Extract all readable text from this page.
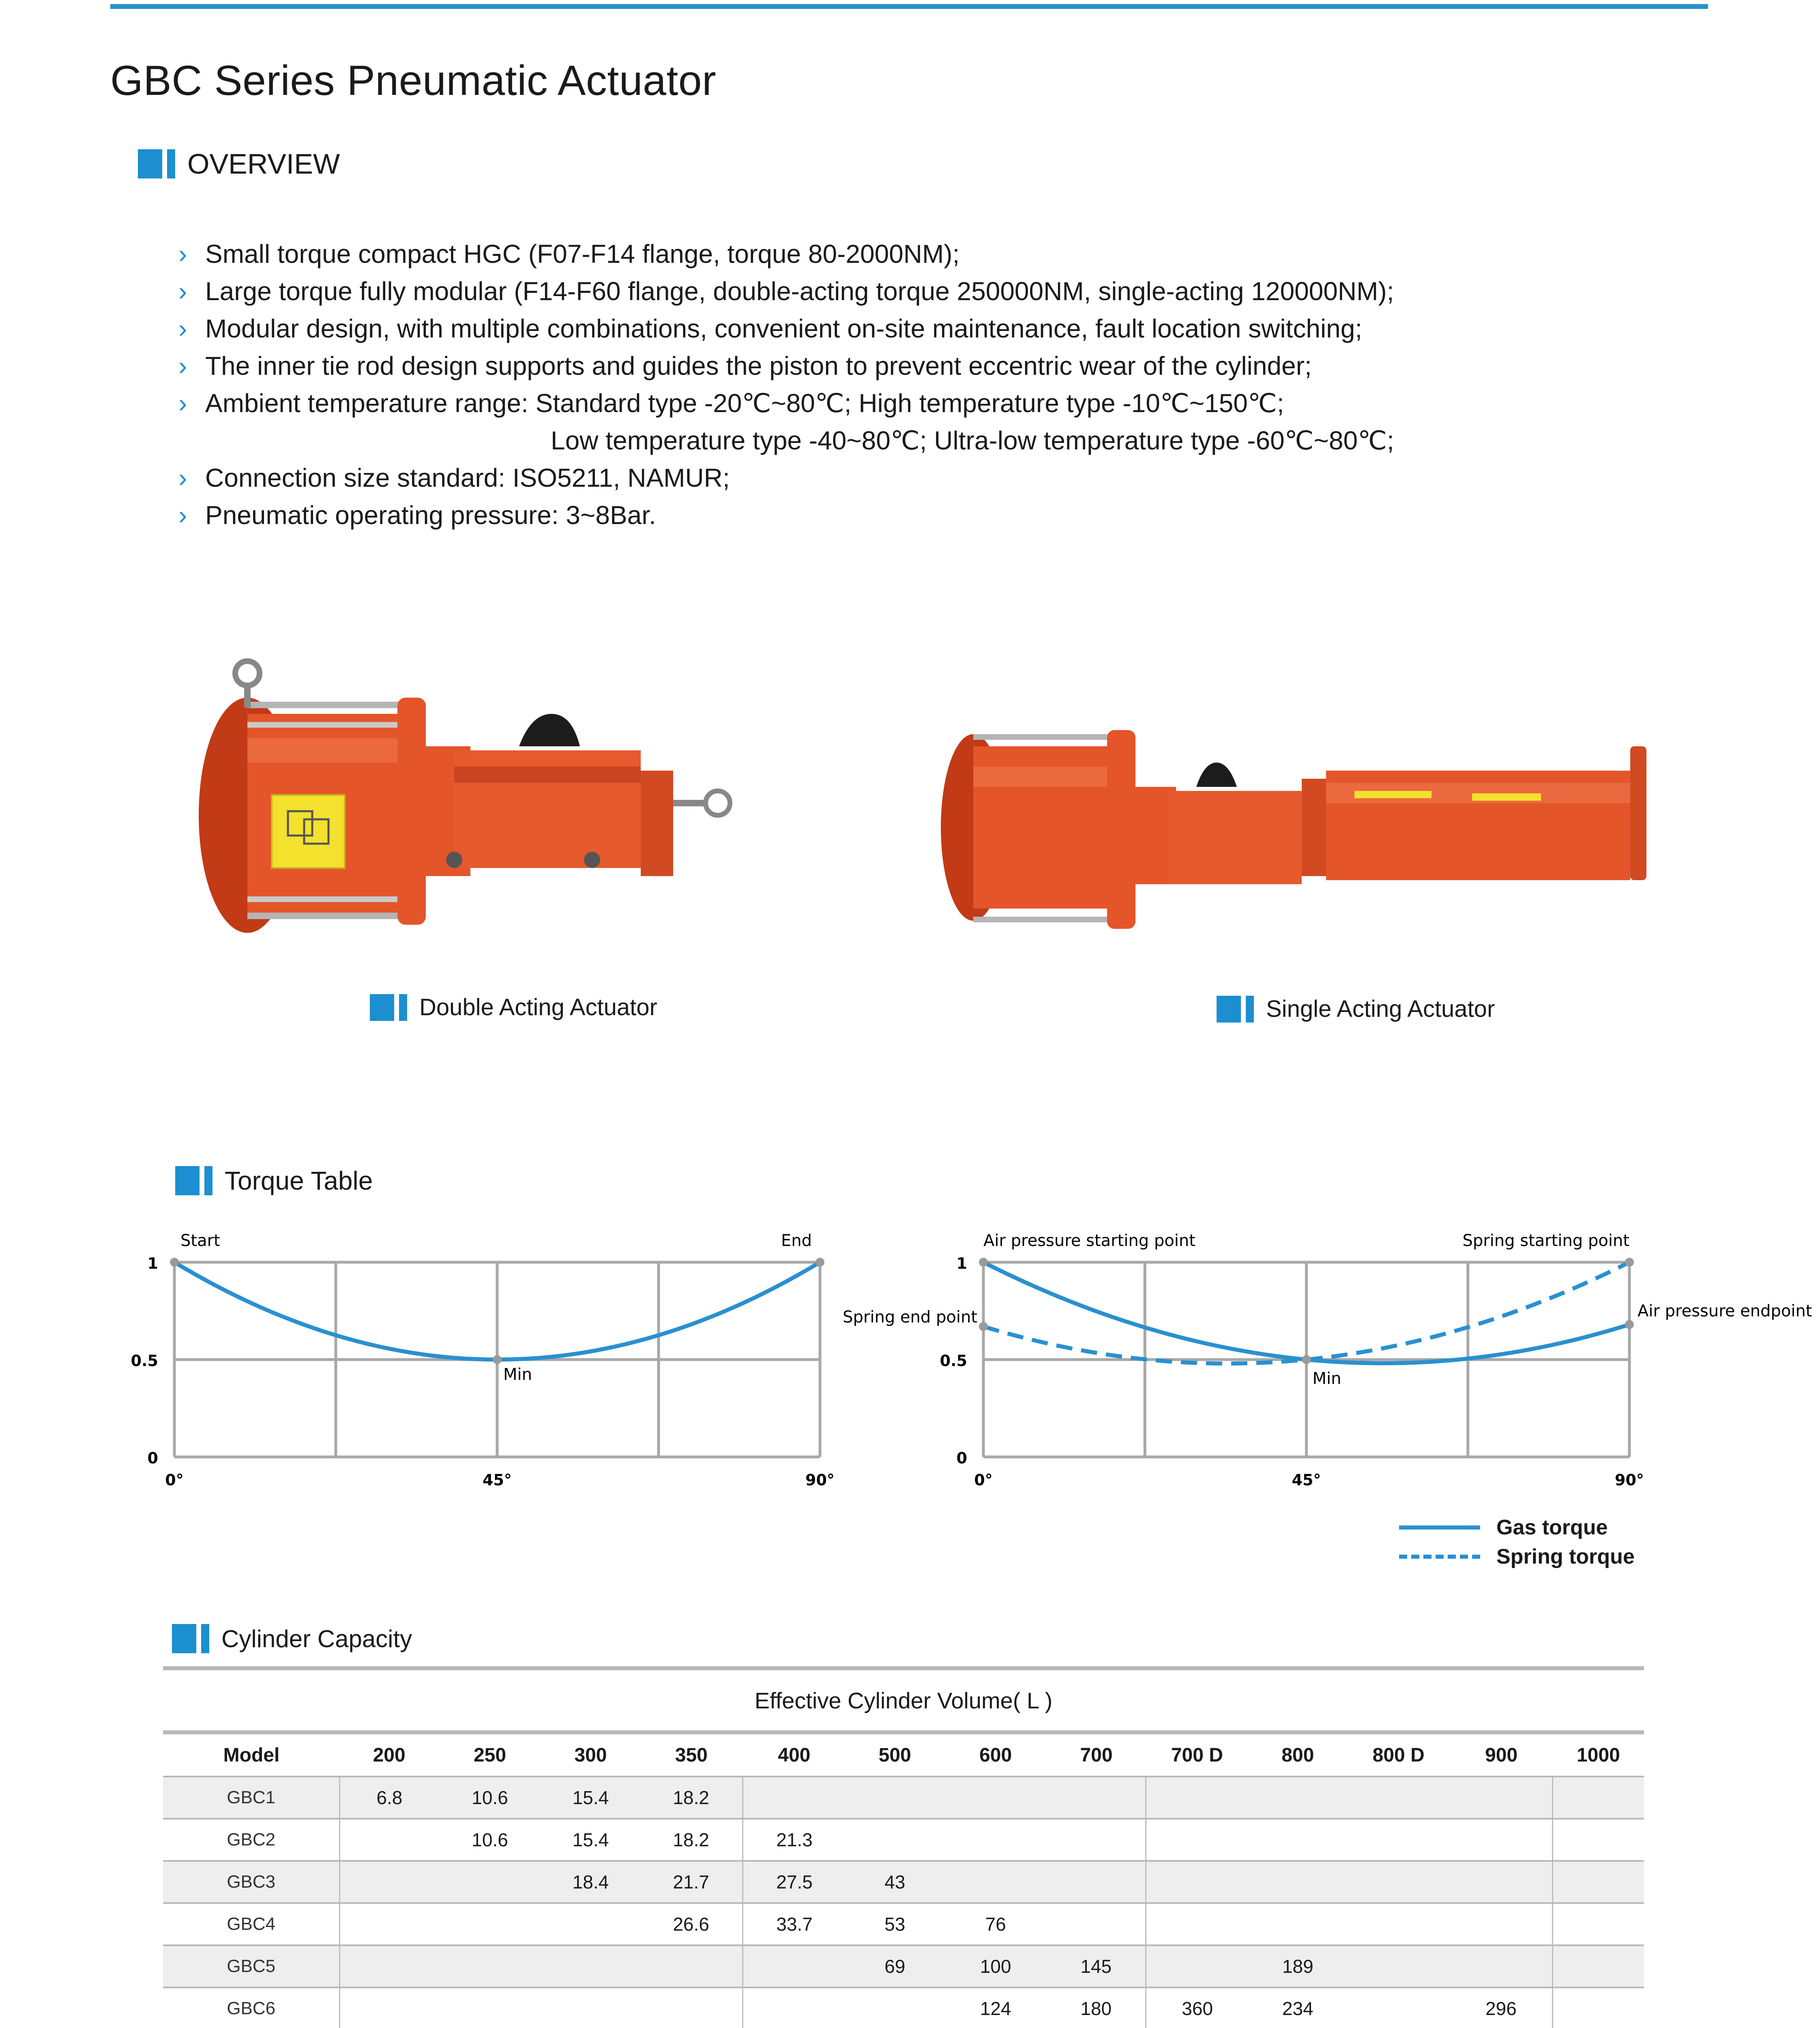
GBC Series Pneumatic Actuator
OVERVIEW
› Small torque compact HGC (F07-F14 flange, torque 80-2000NM);
› Large torque fully modular (F14-F60 flange, double-acting torque 250000NM, single-acting 120000NM);
› Modular design, with multiple combinations, convenient on-site maintenance, fault location switching;
› The inner tie rod design supports and guides the piston to prevent eccentric wear of the cylinder;
› Ambient temperature range: Standard type -20℃~80℃; High temperature type -10℃~150℃;
Low temperature type -40~80℃; Ultra-low temperature type -60℃~80℃;
› Connection size standard: ISO5211, NAMUR;
› Pneumatic operating pressure: 3~8Bar.
Double Acting Actuator	Single Acting Actuator
Torque Table
0
0.5
1
0°	45°	90°
Start	End
Min
0
0.5
1
0°	45°	90°
Air pressure starting point	Spring starting point
Spring end point	Air pressure endpoint
Min
Gas torque
Spring torque
Cylinder Capacity
Effective Cylinder Volume( L )													
Model	200	250	300	350	400	500	600	700	700 D	800	800 D	900	1000
GBC1	6.8	10.6	15.4	18.2									
GBC2		10.6	15.4	18.2	21.3								
GBC3			18.4	21.7	27.5	43							
GBC4				26.6	33.7	53	76						
GBC5						69	100	145		189			
GBC6							124	180	360	234		296	
